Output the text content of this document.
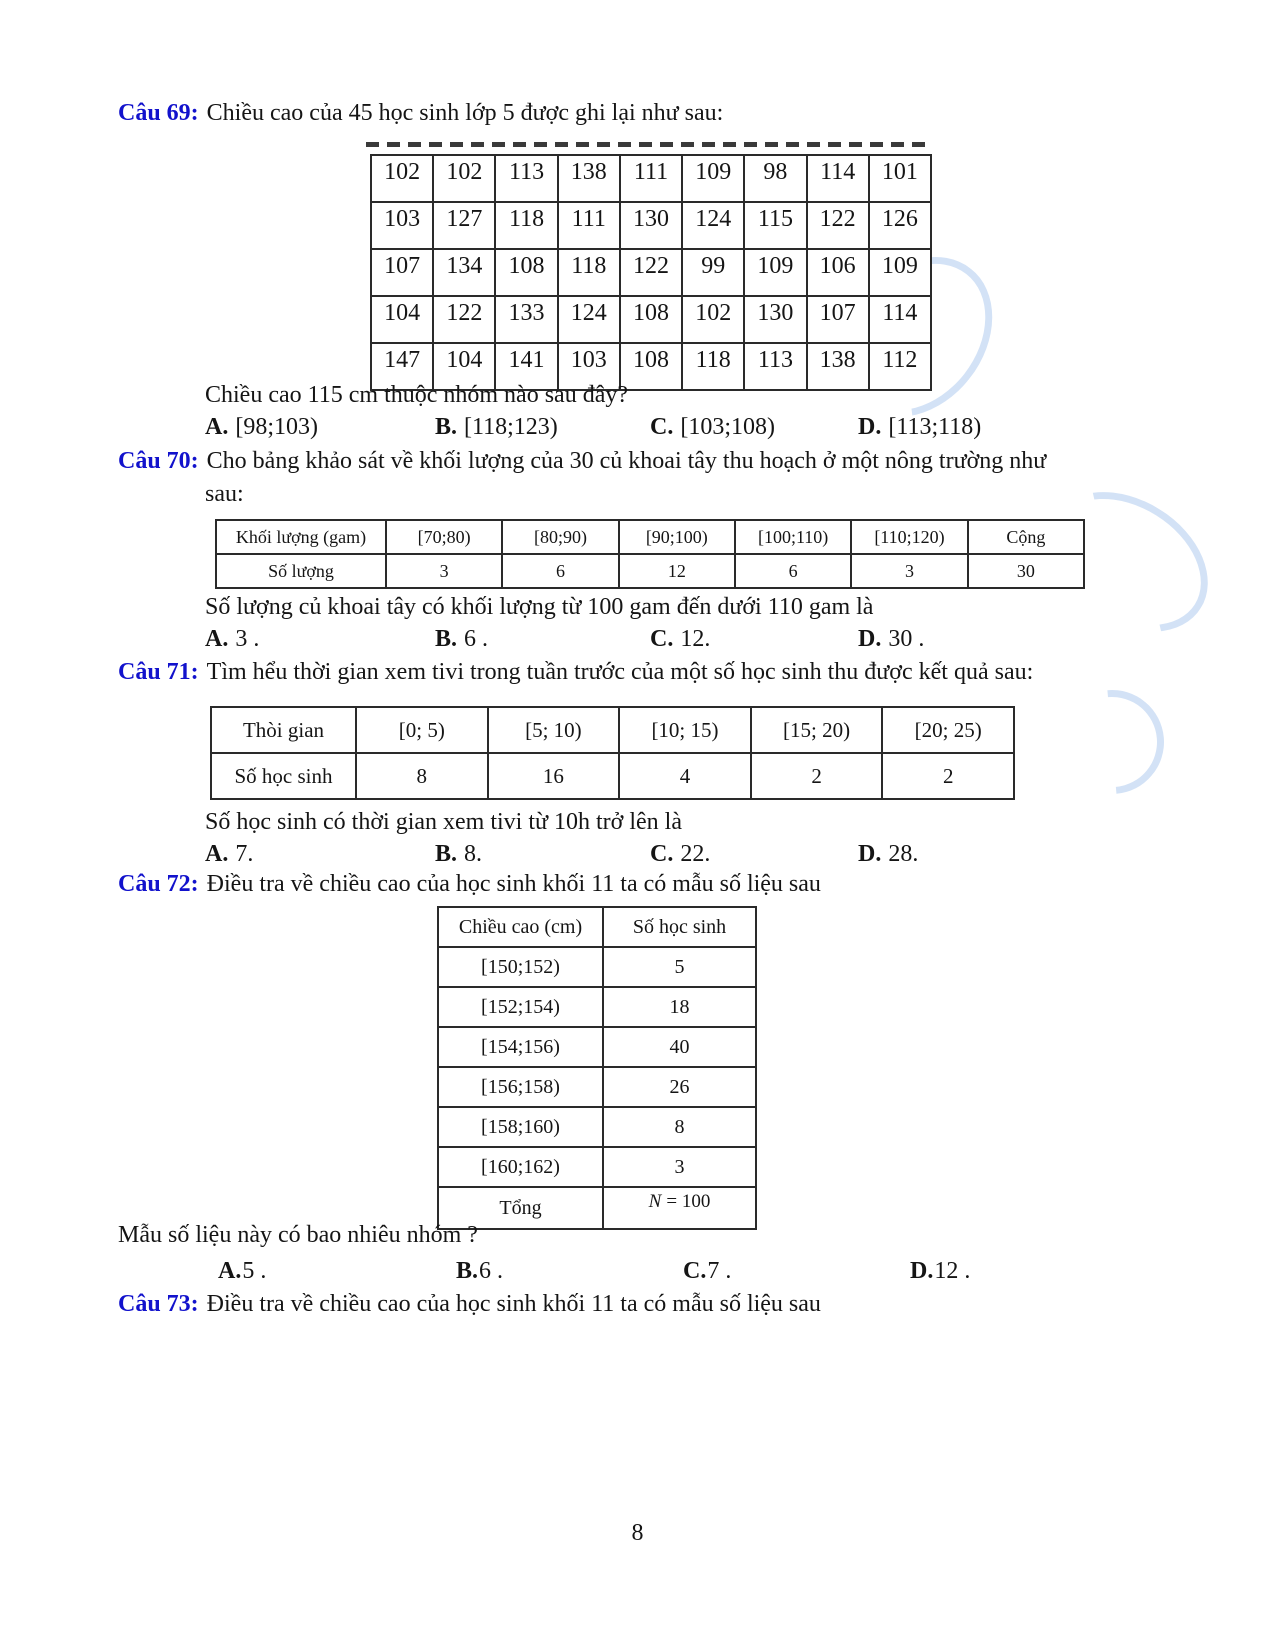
Câu 69: Chiều cao của 45 học sinh lớp 5 được ghi lại như sau:
102	102	113	138	111	109	98	114	101
103	127	118	111	130	124	115	122	126
107	134	108	118	122	99	109	106	109
104	122	133	124	108	102	130	107	114
147	104	141	103	108	118	113	138	112
Chiều cao 115 cm thuộc nhóm nào sau đây?
A. [98;103)	B. [118;123)	C. [103;108)	D. [113;118)
Câu 70: Cho bảng khảo sát về khối lượng của 30 củ khoai tây thu hoạch ở một nông trường như
sau:
Khối lượng (gam)	[70;80)	[80;90)	[90;100)	[100;110)	[110;120)	Cộng
Số lượng	3	6	12	6	3	30
Số lượng củ khoai tây có khối lượng từ 100 gam đến dưới 110 gam là
A. 3 .	B. 6 .	C. 12.	D. 30 .
Câu 71: Tìm hểu thời gian xem tivi trong tuần trước của một số học sinh thu được kết quả sau:
Thòi gian	[0; 5)	[5; 10)	[10; 15)	[15; 20)	[20; 25)
Số học sinh	8	16	4	2	2
Số học sinh có thời gian xem tivi từ 10h trở lên là
A. 7.	B. 8.	C. 22.	D. 28.
Câu 72: Điều tra về chiều cao của học sinh khối 11 ta có mẫu số liệu sau
Chiều cao (cm)	Số học sinh
[150;152)	5
[152;154)	18
[154;156)	40
[156;158)	26
[158;160)	8
[160;162)	3
Tổng	N = 100
Mẫu số liệu này có bao nhiêu nhóm ?
A.5 .	B.6 .	C.7 .	D.12 .
Câu 73: Điều tra về chiều cao của học sinh khối 11 ta có mẫu số liệu sau
8
